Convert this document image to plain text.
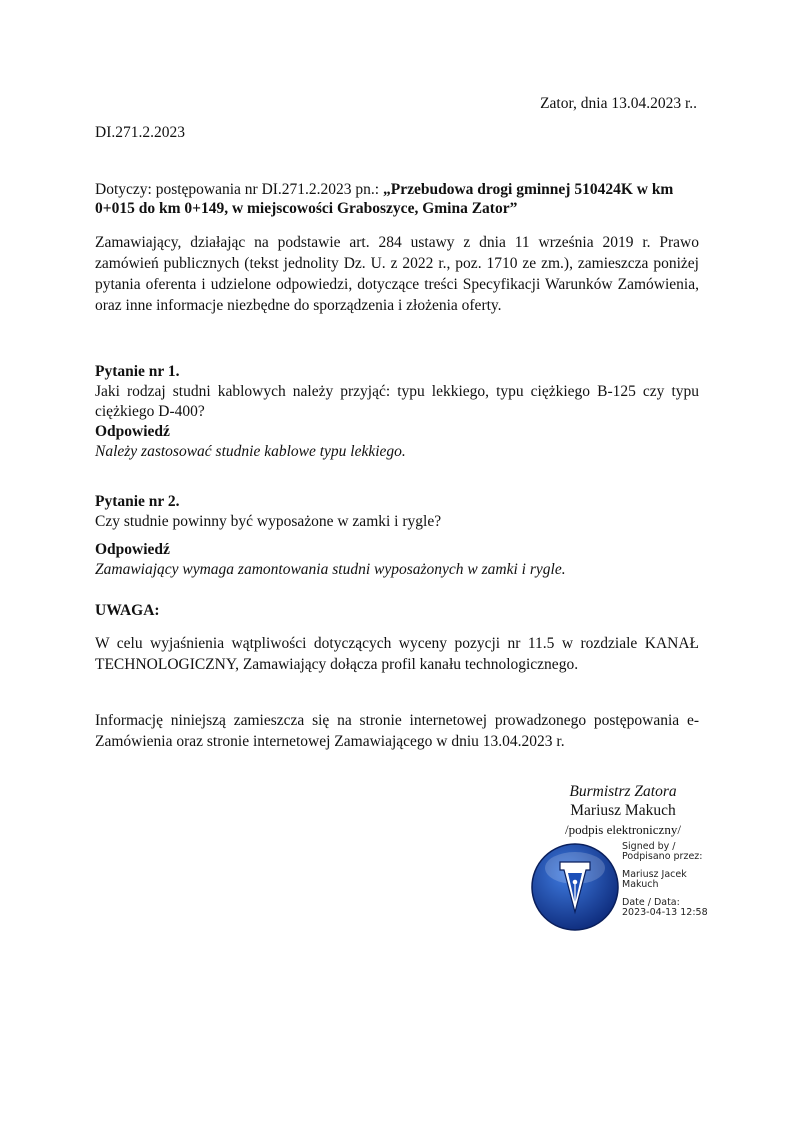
Zator, dnia 13.04.2023 r..
DI.271.2.2023
Dotyczy: postępowania nr DI.271.2.2023 pn.: „Przebudowa drogi gminnej 510424K w km
0+015 do km 0+149, w miejscowości Graboszyce, Gmina Zator”
Zamawiający, działając na podstawie art. 284 ustawy z dnia 11 września 2019 r. Prawo zamówień publicznych (tekst jednolity Dz. U. z 2022 r., poz. 1710 ze zm.), zamieszcza poniżej pytania oferenta i udzielone odpowiedzi, dotyczące treści Specyfikacji Warunków Zamówienia, oraz inne informacje niezbędne do sporządzenia i złożenia oferty.
Pytanie nr 1.
Jaki rodzaj studni kablowych należy przyjąć: typu lekkiego, typu ciężkiego B-125 czy typu ciężkiego D-400?
Odpowiedź
Należy zastosować studnie kablowe typu lekkiego.
Pytanie nr 2.
Czy studnie powinny być wyposażone w zamki i rygle?
Odpowiedź
Zamawiający wymaga zamontowania studni wyposażonych w zamki i rygle.
UWAGA:
W celu wyjaśnienia wątpliwości dotyczących wyceny pozycji nr 11.5 w rozdziale KANAŁ TECHNOLOGICZNY, Zamawiający dołącza profil kanału technologicznego.
Informację niniejszą zamieszcza się na stronie internetowej prowadzonego postępowania e-Zamówienia oraz stronie internetowej Zamawiającego w dniu 13.04.2023 r.
Burmistrz Zatora
Mariusz Makuch
/podpis elektroniczny/
Signed by /
Podpisano przez:
Mariusz Jacek
Makuch
Date / Data:
2023-04-13 12:58
